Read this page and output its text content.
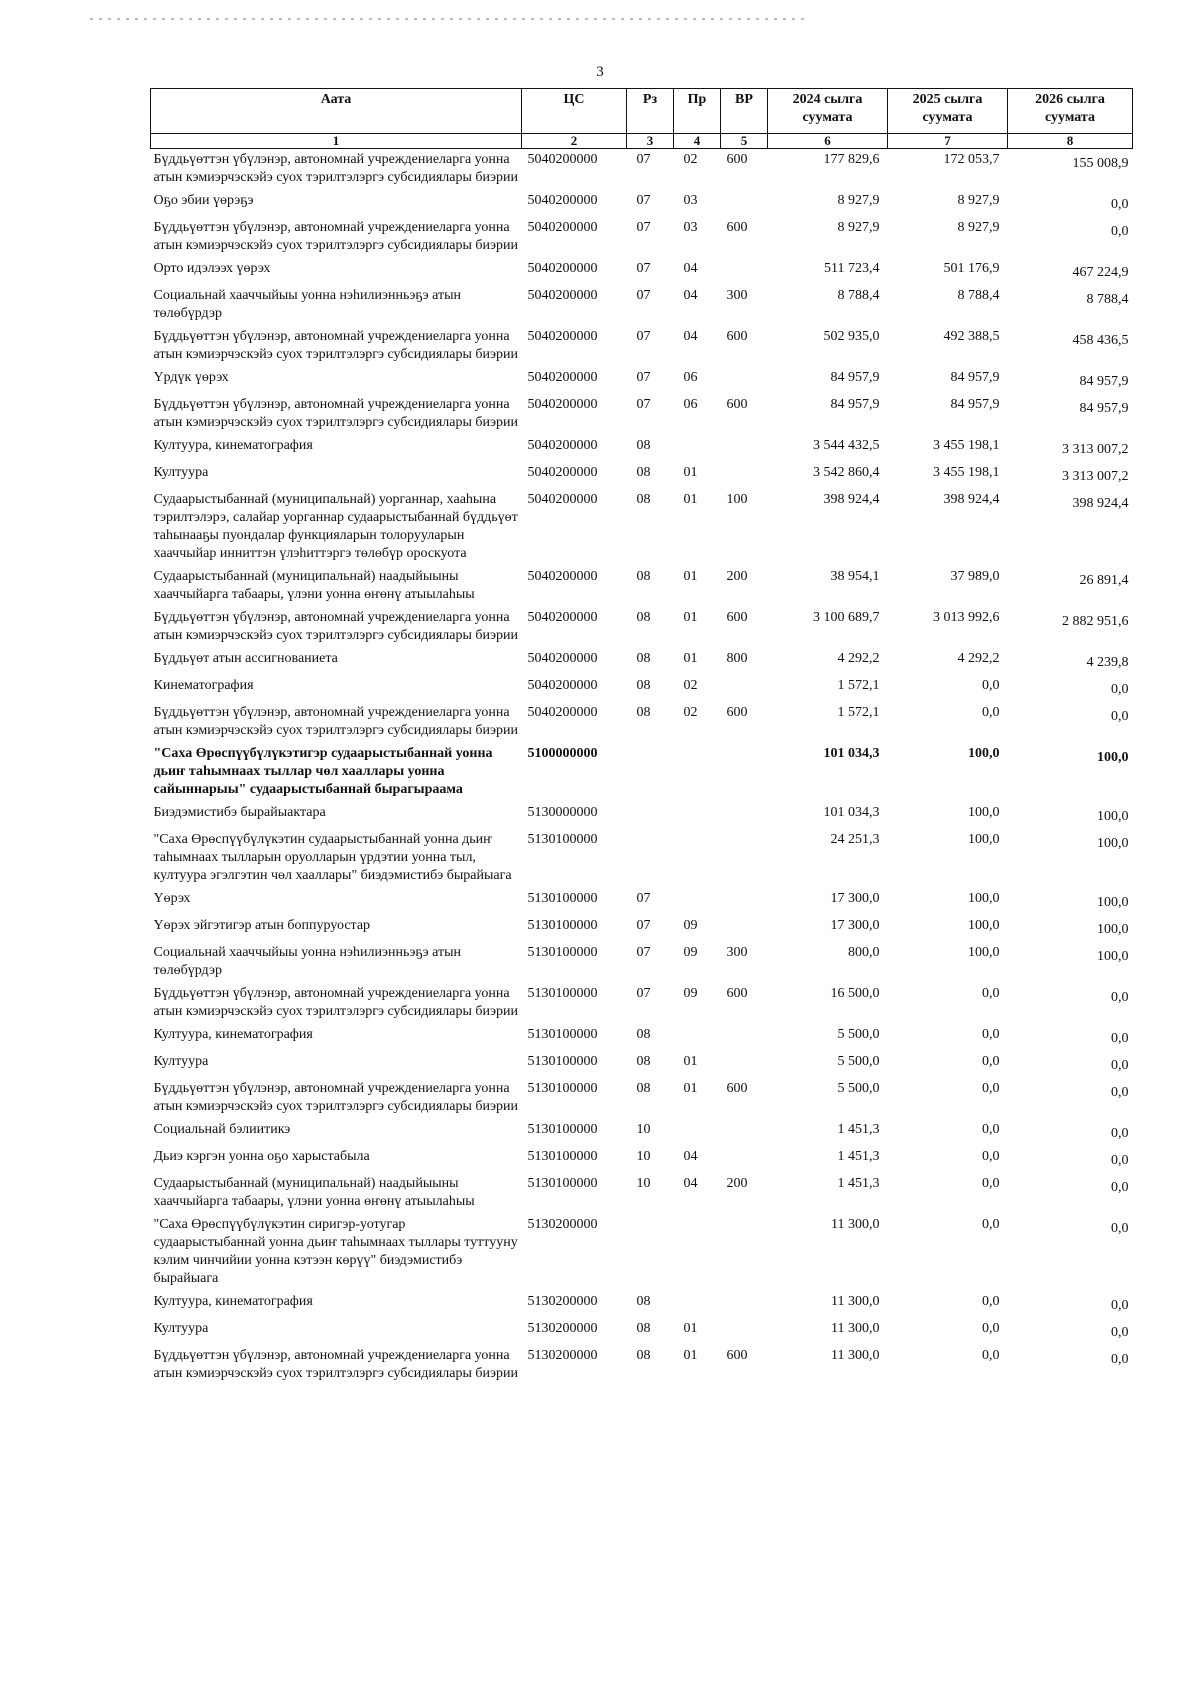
3
Аата	ЦС	Рз	Пр	ВР	2024 сылга суумата	2025 сылга суумата	2026 сылга суумата
1	2	3	4	5	6	7	8
Бүддьүөттэн үбүлэнэр, автономнай учреждениеларга уонна атын кэмиэрчэскэйэ суох тэрилтэлэргэ субсидиялары биэрии	5040200000	07	02	600	177 829,6	172 053,7	155 008,9
Оҕо эбии үөрэҕэ	5040200000	07	03		8 927,9	8 927,9	0,0
Бүддьүөттэн үбүлэнэр, автономнай учреждениеларга уонна атын кэмиэрчэскэйэ суох тэрилтэлэргэ субсидиялары биэрии	5040200000	07	03	600	8 927,9	8 927,9	0,0
Орто идэлээх үөрэх	5040200000	07	04		511 723,4	501 176,9	467 224,9
Социальнай хааччыйыы уонна нэһилиэнньэҕэ атын төлөбүрдэр	5040200000	07	04	300	8 788,4	8 788,4	8 788,4
Бүддьүөттэн үбүлэнэр, автономнай учреждениеларга уонна атын кэмиэрчэскэйэ суох тэрилтэлэргэ субсидиялары биэрии	5040200000	07	04	600	502 935,0	492 388,5	458 436,5
Үрдүк үөрэх	5040200000	07	06		84 957,9	84 957,9	84 957,9
Бүддьүөттэн үбүлэнэр, автономнай учреждениеларга уонна атын кэмиэрчэскэйэ суох тэрилтэлэргэ субсидиялары биэрии	5040200000	07	06	600	84 957,9	84 957,9	84 957,9
Култуура, кинематография	5040200000	08			3 544 432,5	3 455 198,1	3 313 007,2
Култуура	5040200000	08	01		3 542 860,4	3 455 198,1	3 313 007,2
Судаарыстыбаннай (муниципальнай) уорганнар, хааһына тэрилтэлэрэ, салайар уорганнар судаарыстыбаннай бүддьүөт таһынааҕы пуондалар функцияларын толорууларын хааччыйар инниттэн үлэһиттэргэ төлөбүр ороскуота	5040200000	08	01	100	398 924,4	398 924,4	398 924,4
Судаарыстыбаннай (муниципальнай) наадыйыыны хааччыйарга табаары, үлэни уонна өҥөнү атыылаһыы	5040200000	08	01	200	38 954,1	37 989,0	26 891,4
Бүддьүөттэн үбүлэнэр, автономнай учреждениеларга уонна атын кэмиэрчэскэйэ суох тэрилтэлэргэ субсидиялары биэрии	5040200000	08	01	600	3 100 689,7	3 013 992,6	2 882 951,6
Бүддьүөт атын ассигнованиета	5040200000	08	01	800	4 292,2	4 292,2	4 239,8
Кинематография	5040200000	08	02		1 572,1	0,0	0,0
Бүддьүөттэн үбүлэнэр, автономнай учреждениеларга уонна атын кэмиэрчэскэйэ суох тэрилтэлэргэ субсидиялары биэрии	5040200000	08	02	600	1 572,1	0,0	0,0
"Саха Өрөспүүбүлүкэтигэр судаарыстыбаннай уонна дьиҥ таһымнаах тыллар чөл хааллары уонна сайыннарыы" судаарыстыбаннай бырагыраама	5100000000				101 034,3	100,0	100,0
Биэдэмистибэ бырайыактара	5130000000				101 034,3	100,0	100,0
"Саха Өрөспүүбүлүкэтин судаарыстыбаннай уонна дьиҥ таһымнаах тылларын оруолларын үрдэтии уонна тыл, култуура эгэлгэтин чөл хааллары" биэдэмистибэ бырайыага	5130100000				24 251,3	100,0	100,0
Үөрэх	5130100000	07			17 300,0	100,0	100,0
Үөрэх эйгэтигэр атын боппуруостар	5130100000	07	09		17 300,0	100,0	100,0
Социальнай хааччыйыы уонна нэһилиэнньэҕэ атын төлөбүрдэр	5130100000	07	09	300	800,0	100,0	100,0
Бүддьүөттэн үбүлэнэр, автономнай учреждениеларга уонна атын кэмиэрчэскэйэ суох тэрилтэлэргэ субсидиялары биэрии	5130100000	07	09	600	16 500,0	0,0	0,0
Култуура, кинематография	5130100000	08			5 500,0	0,0	0,0
Култуура	5130100000	08	01		5 500,0	0,0	0,0
Бүддьүөттэн үбүлэнэр, автономнай учреждениеларга уонна атын кэмиэрчэскэйэ суох тэрилтэлэргэ субсидиялары биэрии	5130100000	08	01	600	5 500,0	0,0	0,0
Социальнай бэлиитикэ	5130100000	10			1 451,3	0,0	0,0
Дьиэ кэргэн уонна оҕо харыстабыла	5130100000	10	04		1 451,3	0,0	0,0
Судаарыстыбаннай (муниципальнай) наадыйыыны хааччыйарга табаары, үлэни уонна өҥөнү атыылаһыы	5130100000	10	04	200	1 451,3	0,0	0,0
"Саха Өрөспүүбүлүкэтин сиригэр-уотугар судаарыстыбаннай уонна дьиҥ таһымнаах тыллары туттууну кэлим чинчийии уонна кэтээн көрүү" биэдэмистибэ бырайыага	5130200000				11 300,0	0,0	0,0
Култуура, кинематография	5130200000	08			11 300,0	0,0	0,0
Култуура	5130200000	08	01		11 300,0	0,0	0,0
Бүддьүөттэн үбүлэнэр, автономнай учреждениеларга уонна атын кэмиэрчэскэйэ суох тэрилтэлэргэ субсидиялары биэрии	5130200000	08	01	600	11 300,0	0,0	0,0
